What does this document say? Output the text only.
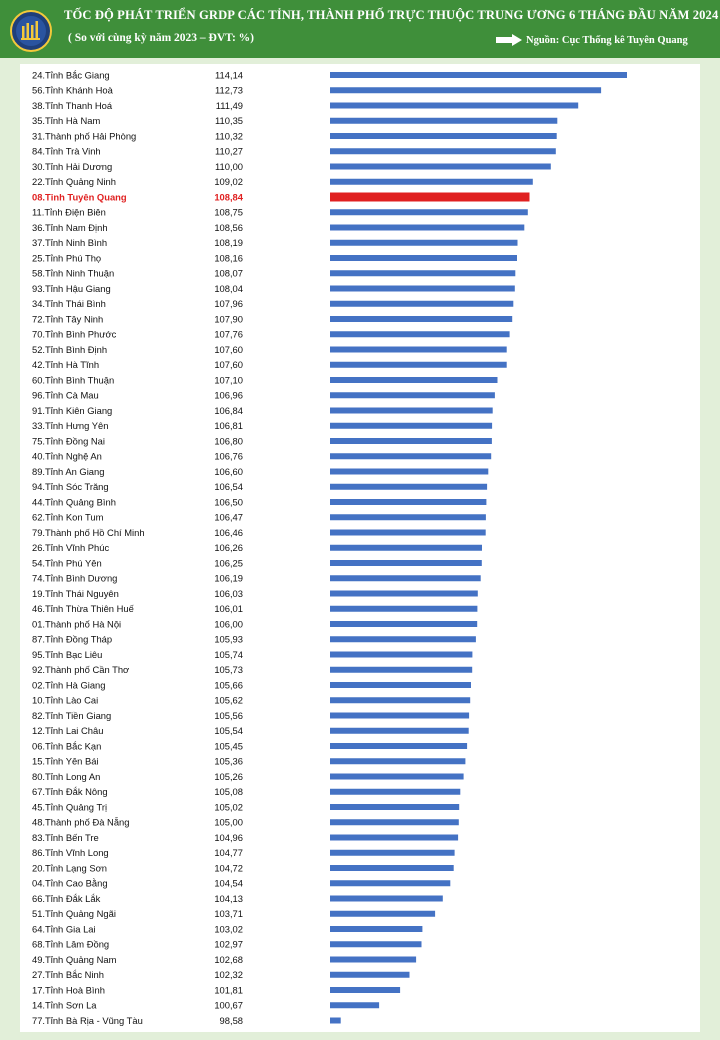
TỐC ĐỘ PHÁT TRIỂN GRDP CÁC TỈNH, THÀNH PHỐ TRỰC THUỘC TRUNG ƯƠNG 6 THÁNG ĐẦU NĂM 2024
( So với cùng kỳ năm 2023 – ĐVT: %)	Nguồn: Cục Thống kê Tuyên Quang
24.Tỉnh Bắc Giang	114,14
56.Tỉnh Khánh Hoà	112,73
38.Tỉnh Thanh Hoá	111,49
35.Tỉnh Hà Nam	110,35
31.Thành phố Hải Phòng	110,32
84.Tỉnh Trà Vinh	110,27
30.Tỉnh Hải Dương	110,00
22.Tỉnh Quảng Ninh	109,02
08.Tỉnh Tuyên Quang	108,84
11.Tỉnh Điện Biên	108,75
36.Tỉnh Nam Định	108,56
37.Tỉnh Ninh Bình	108,19
25.Tỉnh Phú Thọ	108,16
58.Tỉnh Ninh Thuận	108,07
93.Tỉnh Hậu Giang	108,04
34.Tỉnh Thái Bình	107,96
72.Tỉnh Tây Ninh	107,90
70.Tỉnh Bình Phước	107,76
52.Tỉnh Bình Định	107,60
42.Tỉnh Hà Tĩnh	107,60
60.Tỉnh Bình Thuận	107,10
96.Tỉnh Cà Mau	106,96
91.Tỉnh Kiên Giang	106,84
33.Tỉnh Hưng Yên	106,81
75.Tỉnh Đồng Nai	106,80
40.Tỉnh Nghệ An	106,76
89.Tỉnh An Giang	106,60
94.Tỉnh Sóc Trăng	106,54
44.Tỉnh Quảng Bình	106,50
62.Tỉnh Kon Tum	106,47
79.Thành phố Hồ Chí Minh	106,46
26.Tỉnh Vĩnh Phúc	106,26
54.Tỉnh Phú Yên	106,25
74.Tỉnh Bình Dương	106,19
19.Tỉnh Thái Nguyên	106,03
46.Tỉnh Thừa Thiên Huế	106,01
01.Thành phố Hà Nội	106,00
87.Tỉnh Đồng Tháp	105,93
95.Tỉnh Bạc Liêu	105,74
92.Thành phố Cần Thơ	105,73
02.Tỉnh Hà Giang	105,66
10.Tỉnh Lào Cai	105,62
82.Tỉnh Tiền Giang	105,56
12.Tỉnh Lai Châu	105,54
06.Tỉnh Bắc Kạn	105,45
15.Tỉnh Yên Bái	105,36
80.Tỉnh Long An	105,26
67.Tỉnh Đắk Nông	105,08
45.Tỉnh Quảng Trị	105,02
48.Thành phố Đà Nẵng	105,00
83.Tỉnh Bến Tre	104,96
86.Tỉnh Vĩnh Long	104,77
20.Tỉnh Lạng Sơn	104,72
04.Tỉnh Cao Bằng	104,54
66.Tỉnh Đắk Lắk	104,13
51.Tỉnh Quảng Ngãi	103,71
64.Tỉnh Gia Lai	103,02
68.Tỉnh Lâm Đồng	102,97
49.Tỉnh Quảng Nam	102,68
27.Tỉnh Bắc Ninh	102,32
17.Tỉnh Hoà Bình	101,81
14.Tỉnh Sơn La	100,67
77.Tỉnh Bà Rịa - Vũng Tàu	98,58
